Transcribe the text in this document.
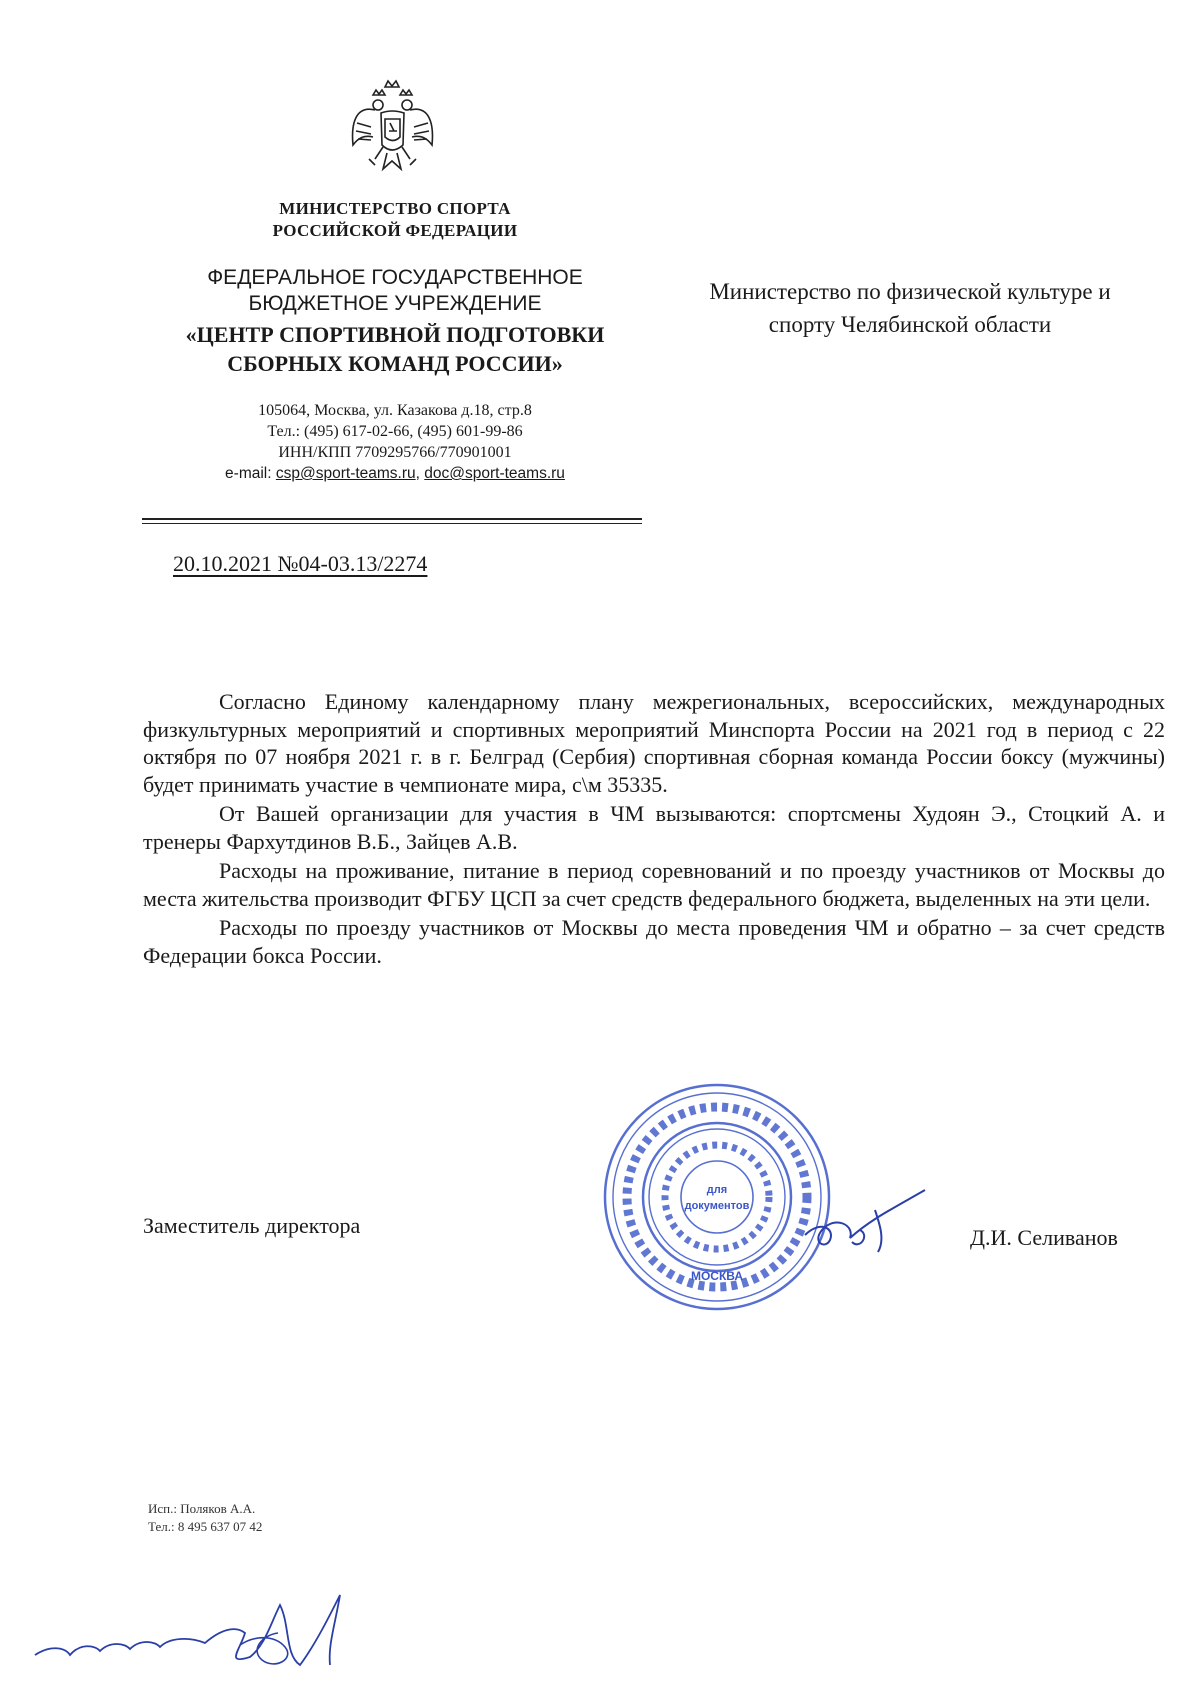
МИНИСТЕРСТВО СПОРТА
РОССИЙСКОЙ ФЕДЕРАЦИИ
ФЕДЕРАЛЬНОЕ ГОСУДАРСТВЕННОЕ
БЮДЖЕТНОЕ УЧРЕЖДЕНИЕ
«ЦЕНТР СПОРТИВНОЙ ПОДГОТОВКИ
СБОРНЫХ КОМАНД РОССИИ»
105064, Москва, ул. Казакова д.18, стр.8
Тел.: (495) 617-02-66, (495) 601-99-86
ИНН/КПП 7709295766/770901001
e-mail: csp@sport-teams.ru, doc@sport-teams.ru
Министерство по физической культуре и
спорту Челябинской области
20.10.2021 №04-03.13/2274

Согласно Единому календарному плану межрегиональных, всероссийских, международных физкультурных мероприятий и спортивных мероприятий Минспорта России на 2021 год в период с 22 октября по 07 ноября 2021 г. в г. Белград (Сербия) спортивная сборная команда России боксу (мужчины) будет принимать участие в чемпионате мира, с\м 35335.

От Вашей организации для участия в ЧМ вызываются: спортсмены Худоян Э., Стоцкий А. и тренеры Фархутдинов В.Б., Зайцев А.В.

Расходы на проживание, питание в период соревнований и по проезду участников от Москвы до места жительства производит ФГБУ ЦСП за счет средств федерального бюджета, выделенных на эти цели.

Расходы по проезду участников от Москвы до места проведения ЧМ и обратно – за счет средств Федерации бокса России.

Заместитель директора
для
документов
МОСКВА
Д.И. Селиванов
Исп.: Поляков А.А.
Тел.: 8 495 637 07 42
